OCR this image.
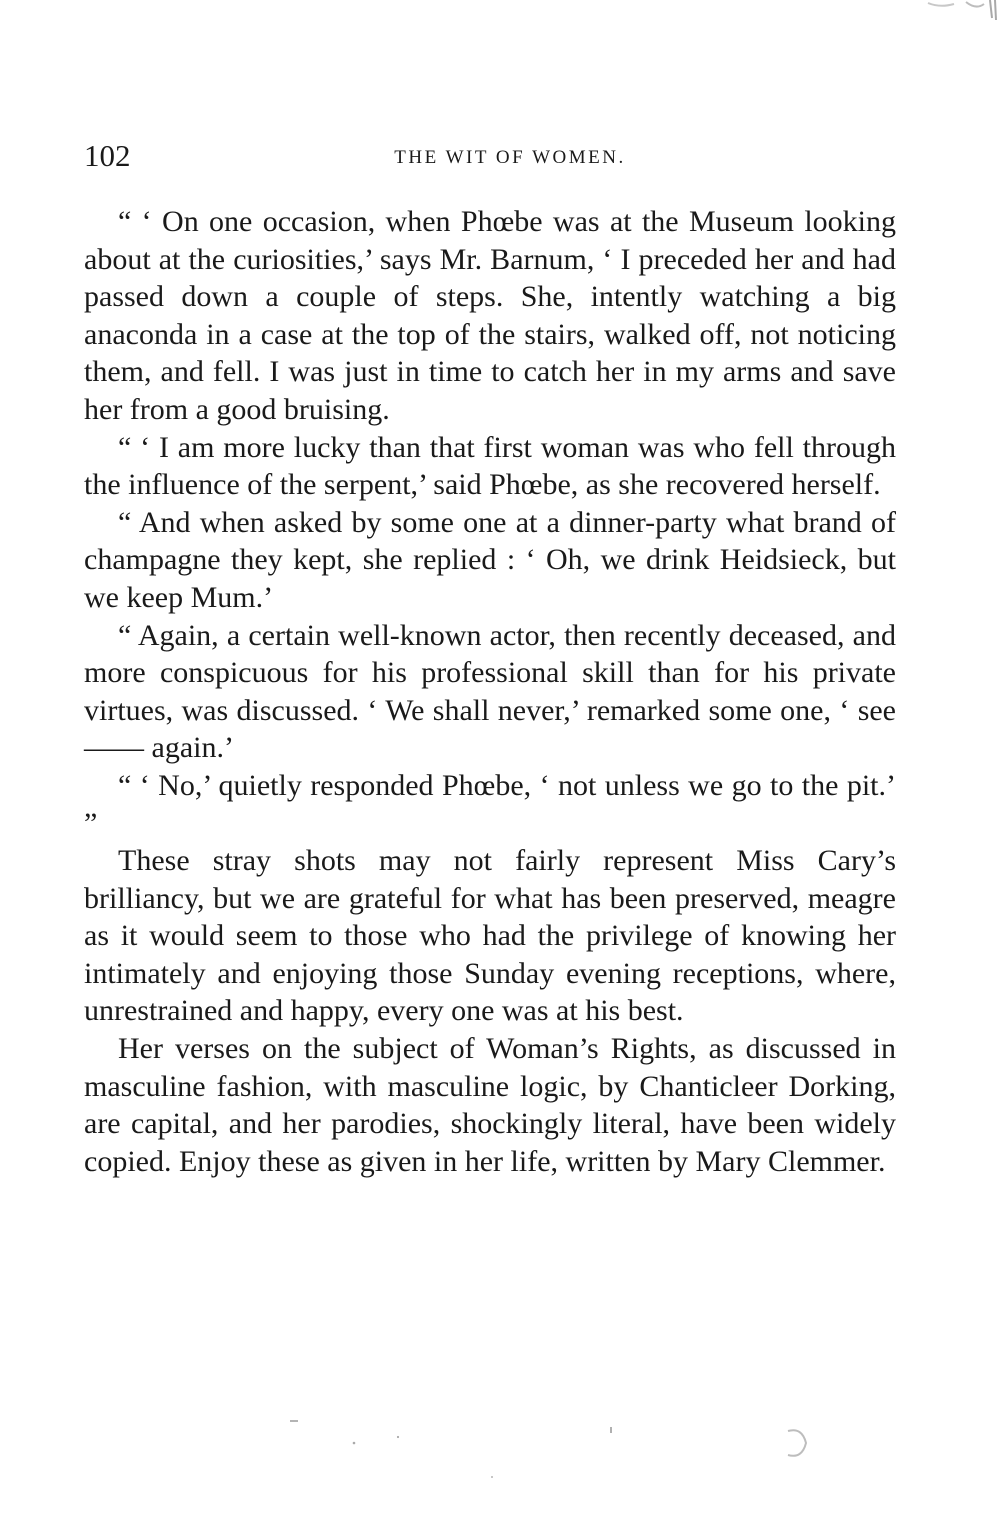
102	THE WIT OF WOMEN.

“ ‘ On one occasion, when Phœbe was at the Museum looking about at the curiosities,’ says Mr. Barnum, ‘ I preceded her and had passed down a couple of steps. She, intently watching a big anaconda in a case at the top of the stairs, walked off, not noticing them, and fell. I was just in time to catch her in my arms and save her from a good bruising.

“ ‘ I am more lucky than that first woman was who fell through the influence of the serpent,’ said Phœbe, as she recovered herself.

“ And when asked by some one at a dinner-party what brand of champagne they kept, she replied : ‘ Oh, we drink Heidsieck, but we keep Mum.’

“ Again, a certain well-known actor, then recently deceased, and more conspicuous for his professional skill than for his private virtues, was discussed. ‘ We shall never,’ remarked some one, ‘ see —— again.’

“ ‘ No,’ quietly responded Phœbe, ‘ not unless we go to the pit.’ ”

These stray shots may not fairly represent Miss Cary’s brilliancy, but we are grateful for what has been preserved, meagre as it would seem to those who had the privilege of knowing her intimately and enjoying those Sunday evening receptions, where, unrestrained and happy, every one was at his best.

Her verses on the subject of Woman’s Rights, as discussed in masculine fashion, with masculine logic, by Chanticleer Dorking, are capital, and her parodies, shockingly literal, have been widely copied. Enjoy these as given in her life, written by Mary Clemmer.
